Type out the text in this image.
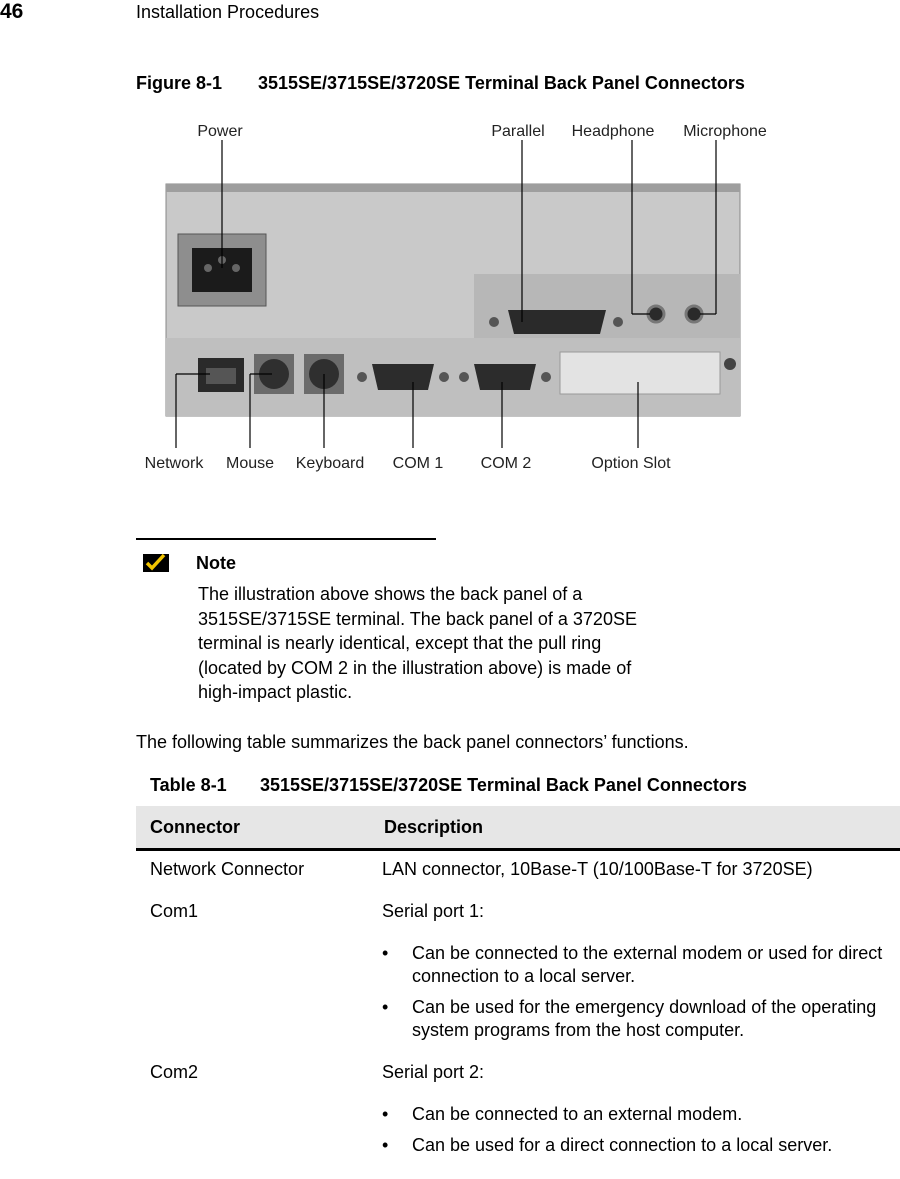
46	Installation Procedures
Figure 8-1 3515SE/3715SE/3720SE Terminal Back Panel Connectors
Power	Parallel Headphone Microphone
Network Mouse Keyboard COM 1 COM 2	Option Slot
Note
The illustration above shows the back panel of a
3515SE/3715SE terminal. The back panel of a 3720SE
terminal is nearly identical, except that the pull ring
(located by COM 2 in the illustration above) is made of
high-impact plastic.
The following table summarizes the back panel connectors’ functions.
Table 8-1 3515SE/3715SE/3720SE Terminal Back Panel Connectors
Connector	Description
Network Connector	LAN connector, 10Base-T (10/100Base-T for 3720SE)

Com1	Serial port 1:
• Can be connected to the external modem or used for direct connection to a local server.
• Can be used for the emergency download of the operating system programs from the host computer.

Com2	Serial port 2:
• Can be connected to an external modem.
• Can be used for a direct connection to a local server.
